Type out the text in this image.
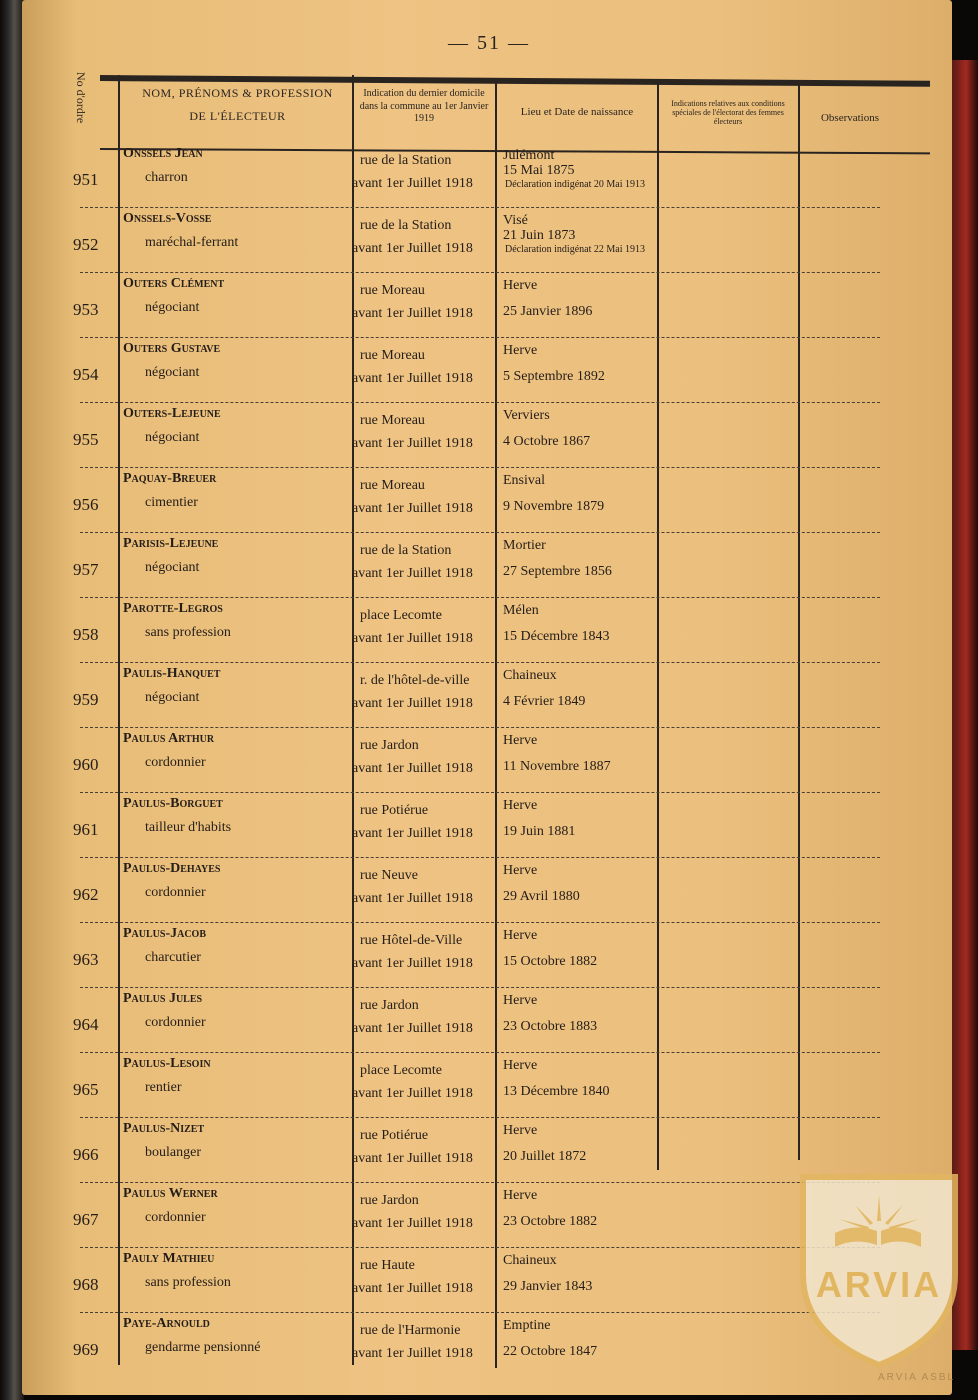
— 51 —
No d'ordre	NOM, PRÉNOMS & PROFESSION
DE L'ÉLECTEUR
Indication du dernier domicile dans la commune au 1er Janvier 1919
Lieu et Date de naissance
Indications relatives aux conditions spéciales de l'électorat des femmes électeurs	Observations
951
Onssels Jean
charron
rue de la Station
avant 1er Juillet 1918
Julémont
15 Mai 1875
Déclaration indigénat 20 Mai 1913
952
Onssels-Vosse
maréchal-ferrant
rue de la Station
avant 1er Juillet 1918
Visé
21 Juin 1873
Déclaration indigénat 22 Mai 1913
953
Outers Clément
négociant
rue Moreau
avant 1er Juillet 1918
Herve
25 Janvier 1896
954
Outers Gustave
négociant
rue Moreau
avant 1er Juillet 1918
Herve
5 Septembre 1892
955
Outers-Lejeune
négociant
rue Moreau
avant 1er Juillet 1918
Verviers
4 Octobre 1867
956
Paquay-Breuer
cimentier
rue Moreau
avant 1er Juillet 1918
Ensival
9 Novembre 1879
957
Parisis-Lejeune
négociant
rue de la Station
avant 1er Juillet 1918
Mortier
27 Septembre 1856
958
Parotte-Legros
sans profession
place Lecomte
avant 1er Juillet 1918
Mélen
15 Décembre 1843
959
Paulis-Hanquet
négociant
r. de l'hôtel-de-ville
avant 1er Juillet 1918
Chaineux
4 Février 1849
960
Paulus Arthur
cordonnier
rue Jardon
avant 1er Juillet 1918
Herve
11 Novembre 1887
961
Paulus-Borguet
tailleur d'habits
rue Potiérue
avant 1er Juillet 1918
Herve
19 Juin 1881
962
Paulus-Dehayes
cordonnier
rue Neuve
avant 1er Juillet 1918
Herve
29 Avril 1880
963
Paulus-Jacob
charcutier
rue Hôtel-de-Ville
avant 1er Juillet 1918
Herve
15 Octobre 1882
964
Paulus Jules
cordonnier
rue Jardon
avant 1er Juillet 1918
Herve
23 Octobre 1883
965
Paulus-Lesoin
rentier
place Lecomte
avant 1er Juillet 1918
Herve
13 Décembre 1840
966
Paulus-Nizet
boulanger
rue Potiérue
avant 1er Juillet 1918
Herve
20 Juillet 1872
967
Paulus Werner
cordonnier
rue Jardon
avant 1er Juillet 1918
Herve
23 Octobre 1882
968
Pauly Mathieu
sans profession
rue Haute
avant 1er Juillet 1918
Chaineux
29 Janvier 1843
969
Paye-Arnould
gendarme pensionné
rue de l'Harmonie
avant 1er Juillet 1918
Emptine
22 Octobre 1847
ARVIA
ARVIA ASBL
